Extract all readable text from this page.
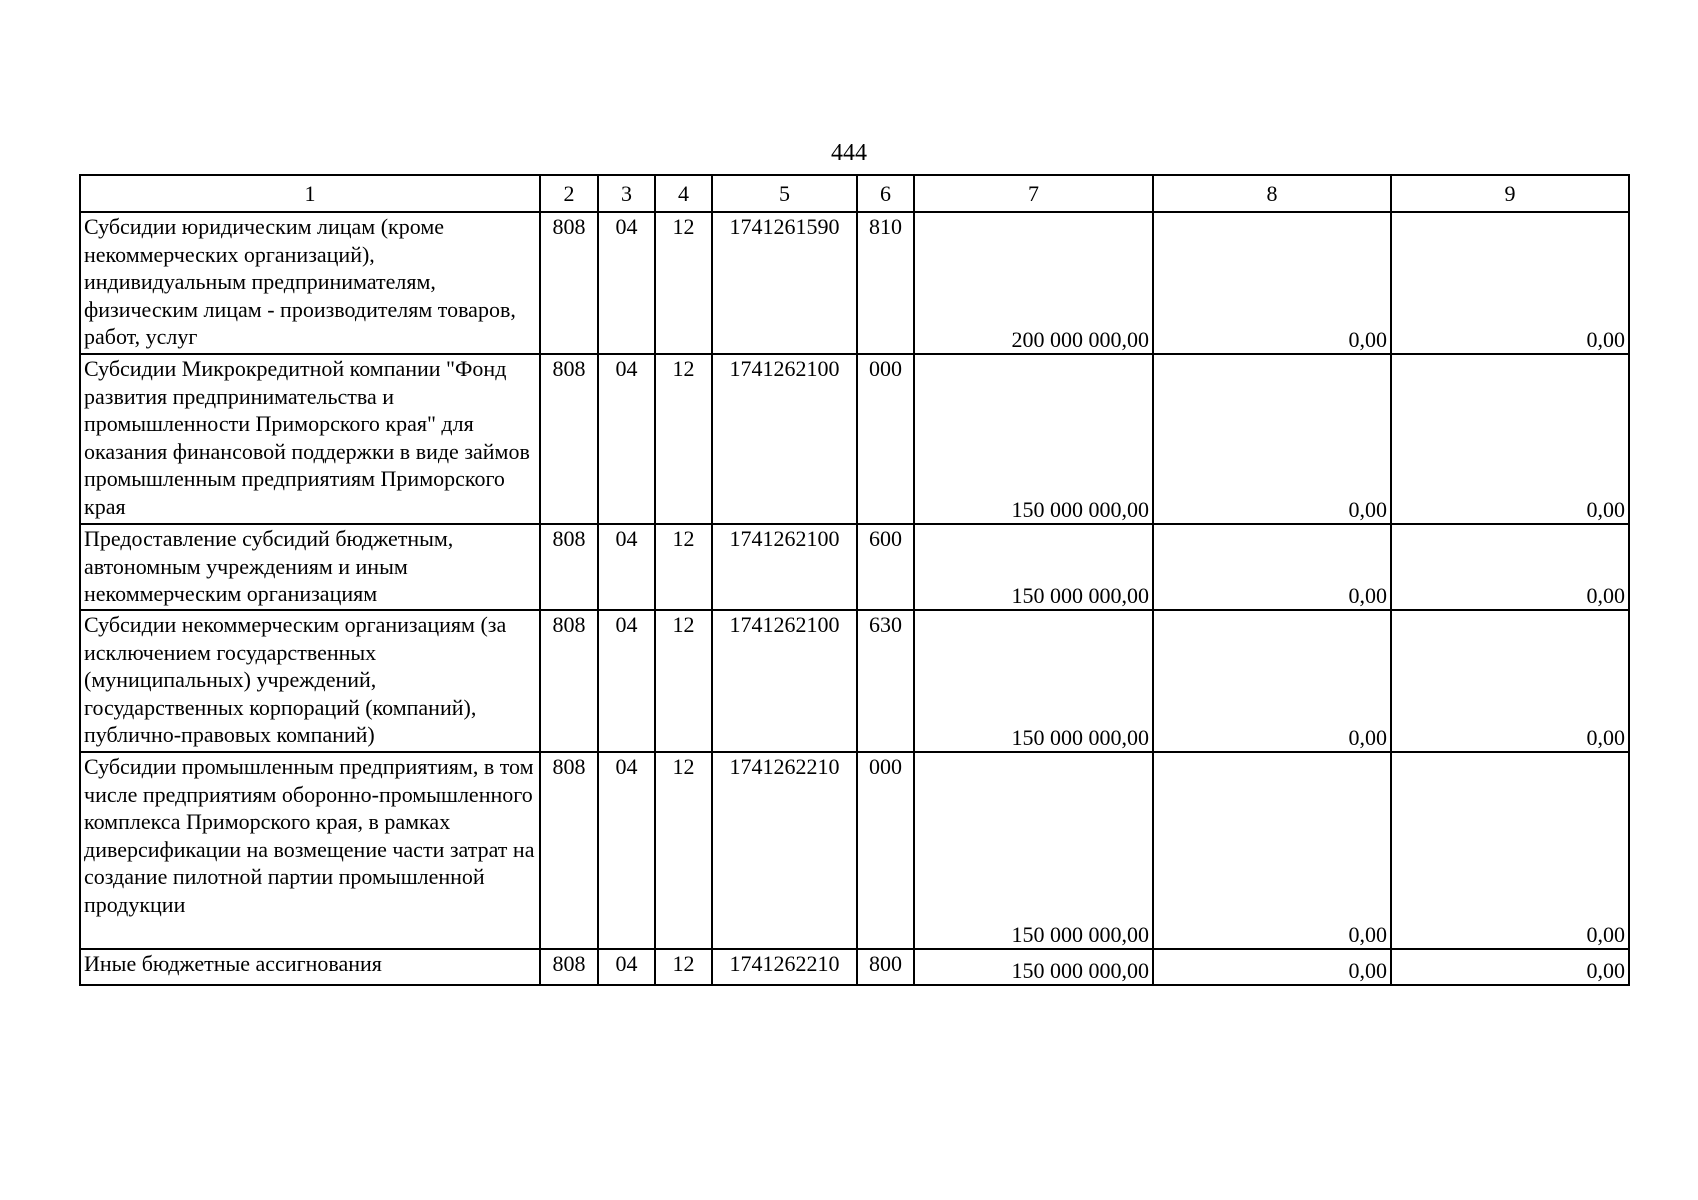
444
1	2	3	4	5	6	7	8	9
Субсидии юридическим лицам (кроме некоммерческих организаций), индивидуальным предпринимателям, физическим лицам - производителям товаров, работ, услуг	808	04	12	1741261590	810	200 000 000,00	0,00	0,00
Субсидии Микрокредитной компании "Фонд развития предпринимательства и промышленности Приморского края" для оказания финансовой поддержки в виде займов промышленным предприятиям Приморского края	808	04	12	1741262100	000	150 000 000,00	0,00	0,00
Предоставление субсидий бюджетным, автономным учреждениям и иным некоммерческим организациям	808	04	12	1741262100	600	150 000 000,00	0,00	0,00
Субсидии некоммерческим организациям (за исключением государственных (муниципальных) учреждений, государственных корпораций (компаний), публично-правовых компаний)	808	04	12	1741262100	630	150 000 000,00	0,00	0,00
Субсидии промышленным предприятиям, в том числе предприятиям оборонно-промышленного комплекса Приморского края, в рамках диверсификации на возмещение части затрат на создание пилотной партии промышленной продукции	808	04	12	1741262210	000	150 000 000,00	0,00	0,00
Иные бюджетные ассигнования	808	04	12	1741262210	800	150 000 000,00	0,00	0,00
